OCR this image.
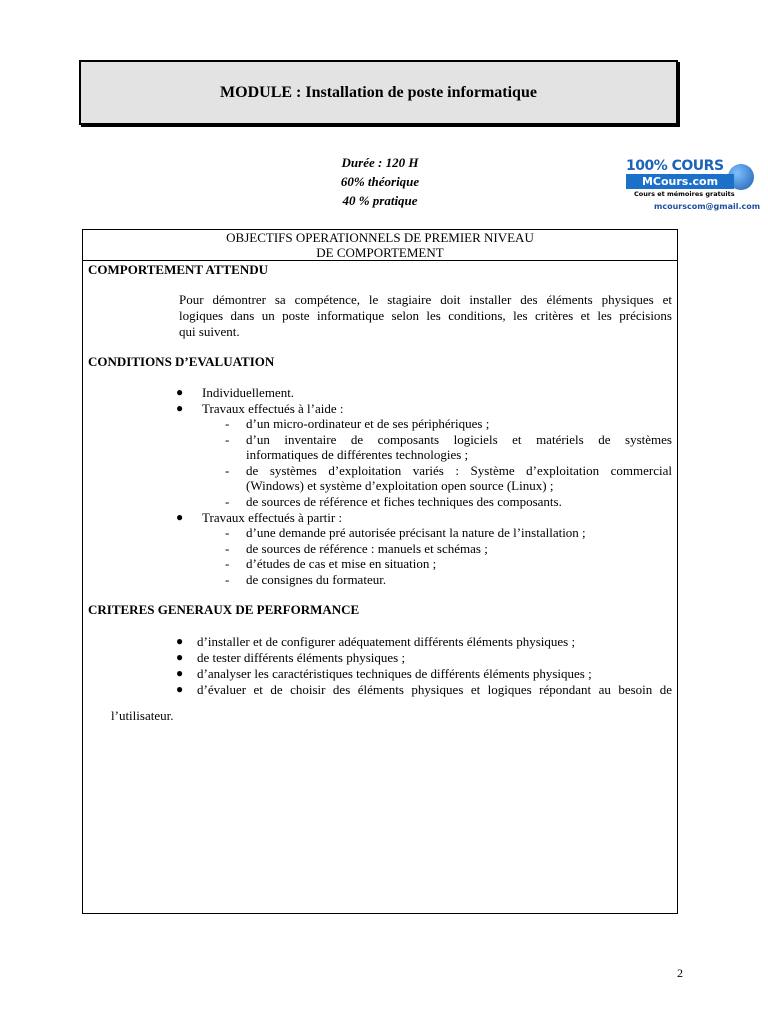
MODULE : Installation de poste informatique
Durée : 120 H
60% théorique
40 % pratique
100% COURS
MCours.com
Cours et mémoires gratuits
mcourscom@gmail.com
OBJECTIFS OPERATIONNELS DE PREMIER NIVEAU
DE COMPORTEMENT
COMPORTEMENT ATTENDU
Pour démontrer sa compétence, le stagiaire doit installer des éléments physiques et
logiques dans un poste informatique selon les conditions, les critères et les précisions
qui suivent.
CONDITIONS D’EVALUATION
● Individuellement.
● Travaux effectués à l’aide :
- d’un micro-ordinateur et de ses périphériques ;
- d’un inventaire de composants logiciels et matériels de systèmes
informatiques de différentes technologies ;
- de systèmes d’exploitation variés : Système d’exploitation commercial
(Windows) et système d’exploitation open source (Linux) ;
- de sources de référence et fiches techniques des composants.
● Travaux effectués à partir :
- d’une demande pré autorisée précisant la nature de l’installation ;
- de sources de référence : manuels et schémas ;
- d’études de cas et mise en situation ;
- de consignes du formateur.
CRITERES GENERAUX DE PERFORMANCE
● d’installer et de configurer adéquatement différents éléments physiques ;
● de tester différents éléments physiques ;
● d’analyser les caractéristiques techniques de différents éléments physiques ;
● d’évaluer et de choisir des éléments physiques et logiques répondant au besoin de
l’utilisateur.
2
